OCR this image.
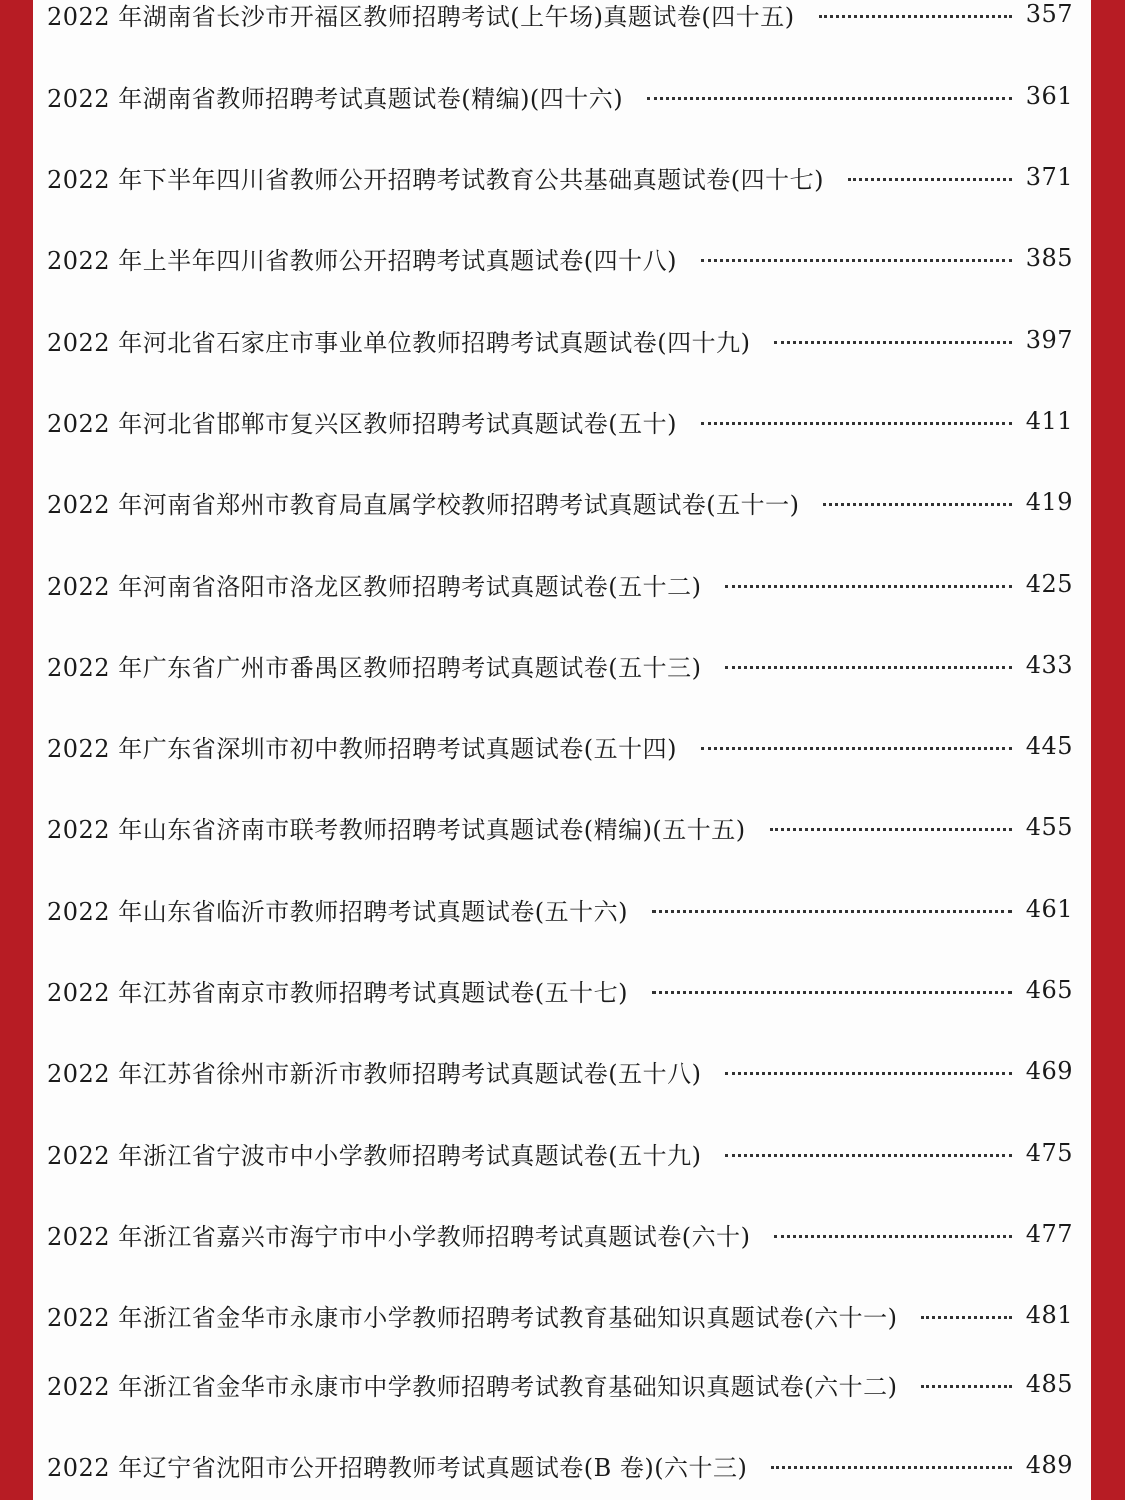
2022 年湖南省长沙市开福区教师招聘考试(上午场)真题试卷(四十五)	357
2022 年湖南省教师招聘考试真题试卷(精编)(四十六)	361
2022 年下半年四川省教师公开招聘考试教育公共基础真题试卷(四十七)	371
2022 年上半年四川省教师公开招聘考试真题试卷(四十八)	385
2022 年河北省石家庄市事业单位教师招聘考试真题试卷(四十九)	397
2022 年河北省邯郸市复兴区教师招聘考试真题试卷(五十)	411
2022 年河南省郑州市教育局直属学校教师招聘考试真题试卷(五十一)	419
2022 年河南省洛阳市洛龙区教师招聘考试真题试卷(五十二)	425
2022 年广东省广州市番禺区教师招聘考试真题试卷(五十三)	433
2022 年广东省深圳市初中教师招聘考试真题试卷(五十四)	445
2022 年山东省济南市联考教师招聘考试真题试卷(精编)(五十五)	455
2022 年山东省临沂市教师招聘考试真题试卷(五十六)	461
2022 年江苏省南京市教师招聘考试真题试卷(五十七)	465
2022 年江苏省徐州市新沂市教师招聘考试真题试卷(五十八)	469
2022 年浙江省宁波市中小学教师招聘考试真题试卷(五十九)	475
2022 年浙江省嘉兴市海宁市中小学教师招聘考试真题试卷(六十)	477
2022 年浙江省金华市永康市小学教师招聘考试教育基础知识真题试卷(六十一)	481
2022 年浙江省金华市永康市中学教师招聘考试教育基础知识真题试卷(六十二)	485
2022 年辽宁省沈阳市公开招聘教师考试真题试卷(B 卷)(六十三)	489
